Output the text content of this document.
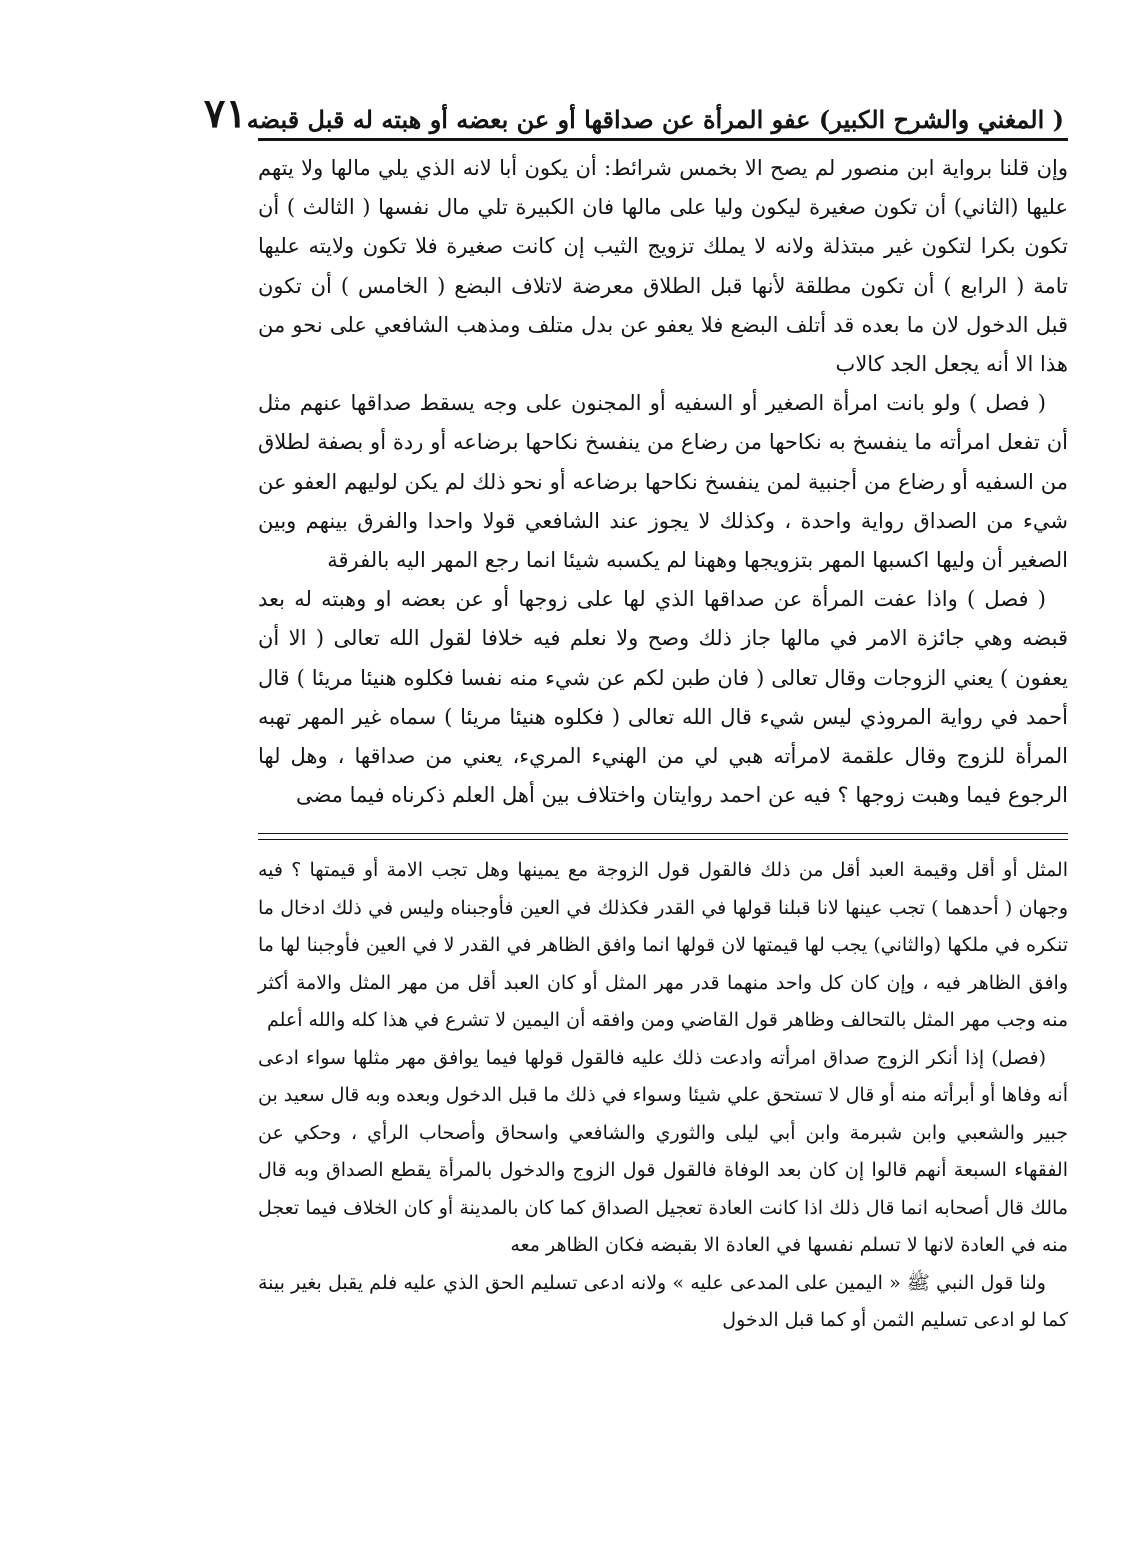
( المغني والشرح الكبير) عفو المرأة عن صداقها أو عن بعضه أو هبته له قبل قبضه
٧١

وإن قلنا برواية ابن منصور لم يصح الا بخمس شرائط: أن يكون أبا لانه الذي يلي مالها ولا يتهم عليها (الثاني) أن تكون صغيرة ليكون وليا على مالها فان الكبيرة تلي مال نفسها ( الثالث ) أن تكون بكرا لتكون غير مبتذلة ولانه لا يملك تزويج الثيب إن كانت صغيرة فلا تكون ولايته عليها تامة ( الرابع ) أن تكون مطلقة لأنها قبل الطلاق معرضة لاتلاف البضع ( الخامس ) أن تكون قبل الدخول لان ما بعده قد أتلف البضع فلا يعفو عن بدل متلف ومذهب الشافعي على نحو من هذا الا أنه يجعل الجد كالاب

( فصل ) ولو بانت امرأة الصغير أو السفيه أو المجنون على وجه يسقط صداقها عنهم مثل أن تفعل امرأته ما ينفسخ به نكاحها من رضاع من ينفسخ نكاحها برضاعه أو ردة أو بصفة لطلاق من السفيه أو رضاع من أجنبية لمن ينفسخ نكاحها برضاعه أو نحو ذلك لم يكن لوليهم العفو عن شيء من الصداق رواية واحدة ، وكذلك لا يجوز عند الشافعي قولا واحدا والفرق بينهم وبين الصغير أن وليها اكسبها المهر بتزويجها وههنا لم يكسبه شيئا انما رجع المهر اليه بالفرقة

( فصل ) واذا عفت المرأة عن صداقها الذي لها على زوجها أو عن بعضه او وهبته له بعد قبضه وهي جائزة الامر في مالها جاز ذلك وصح ولا نعلم فيه خلافا لقول الله تعالى ( الا أن يعفون ) يعني الزوجات وقال تعالى ( فان طبن لكم عن شيء منه نفسا فكلوه هنيئا مريئا ) قال أحمد في رواية المروذي ليس شيء قال الله تعالى ( فكلوه هنيئا مريئا ) سماه غير المهر تهبه المرأة للزوج وقال علقمة لامرأته هبي لي من الهنيء المريء، يعني من صداقها ، وهل لها الرجوع فيما وهبت زوجها ؟ فيه عن احمد روايتان واختلاف بين أهل العلم ذكرناه فيما مضى

المثل أو أقل وقيمة العبد أقل من ذلك فالقول قول الزوجة مع يمينها وهل تجب الامة أو قيمتها ؟ فيه وجهان ( أحدهما ) تجب عينها لانا قبلنا قولها في القدر فكذلك في العين فأوجبناه وليس في ذلك ادخال ما تنكره في ملكها (والثاني) يجب لها قيمتها لان قولها انما وافق الظاهر في القدر لا في العين فأوجبنا لها ما وافق الظاهر فيه ، وإن كان كل واحد منهما قدر مهر المثل أو كان العبد أقل من مهر المثل والامة أكثر منه وجب مهر المثل بالتحالف وظاهر قول القاضي ومن وافقه أن اليمين لا تشرع في هذا كله والله أعلم

(فصل) إذا أنكر الزوج صداق امرأته وادعت ذلك عليه فالقول قولها فيما يوافق مهر مثلها سواء ادعى أنه وفاها أو أبرأته منه أو قال لا تستحق علي شيئا وسواء في ذلك ما قبل الدخول وبعده وبه قال سعيد بن جبير والشعبي وابن شبرمة وابن أبي ليلى والثوري والشافعي واسحاق وأصحاب الرأي ، وحكي عن الفقهاء السبعة أنهم قالوا إن كان بعد الوفاة فالقول قول الزوج والدخول بالمرأة يقطع الصداق وبه قال مالك قال أصحابه انما قال ذلك اذا كانت العادة تعجيل الصداق كما كان بالمدينة أو كان الخلاف فيما تعجل منه في العادة لانها لا تسلم نفسها في العادة الا بقبضه فكان الظاهر معه

ولنا قول النبي ﷺ « اليمين على المدعى عليه » ولانه ادعى تسليم الحق الذي عليه فلم يقبل بغير بينة كما لو ادعى تسليم الثمن أو كما قبل الدخول
